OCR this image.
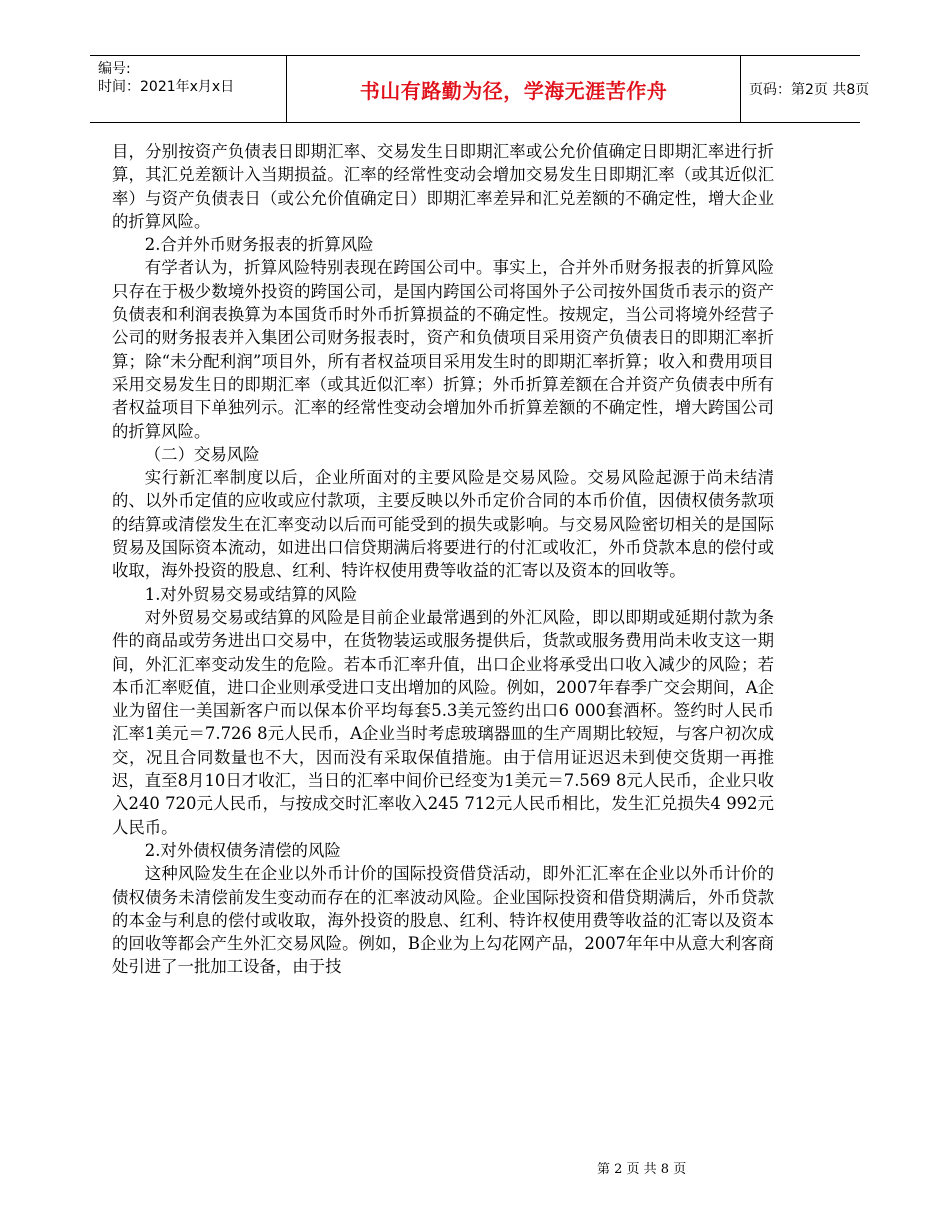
编号:
时间：2021年x月x日	书山有路勤为径，学海无涯苦作舟	页码：第2页 共8页

目，分别按资产负债表日即期汇率、交易发生日即期汇率或公允价值确定日即期汇率进行折算，其汇兑差额计入当期损益。汇率的经常性变动会增加交易发生日即期汇率（或其近似汇率）与资产负债表日（或公允价值确定日）即期汇率差异和汇兑差额的不确定性，增大企业的折算风险。

2.合并外币财务报表的折算风险

有学者认为，折算风险特别表现在跨国公司中。事实上，合并外币财务报表的折算风险只存在于极少数境外投资的跨国公司，是国内跨国公司将国外子公司按外国货币表示的资产负债表和利润表换算为本国货币时外币折算损益的不确定性。按规定，当公司将境外经营子公司的财务报表并入集团公司财务报表时，资产和负债项目采用资产负债表日的即期汇率折算；除“未分配利润”项目外，所有者权益项目采用发生时的即期汇率折算；收入和费用项目采用交易发生日的即期汇率（或其近似汇率）折算；外币折算差额在合并资产负债表中所有者权益项目下单独列示。汇率的经常性变动会增加外币折算差额的不确定性，增大跨国公司的折算风险。

（二）交易风险

实行新汇率制度以后，企业所面对的主要风险是交易风险。交易风险起源于尚未结清的、以外币定值的应收或应付款项，主要反映以外币定价合同的本币价值，因债权债务款项的结算或清偿发生在汇率变动以后而可能受到的损失或影响。与交易风险密切相关的是国际贸易及国际资本流动，如进出口信贷期满后将要进行的付汇或收汇，外币贷款本息的偿付或收取，海外投资的股息、红利、特许权使用费等收益的汇寄以及资本的回收等。

1.对外贸易交易或结算的风险

对外贸易交易或结算的风险是目前企业最常遇到的外汇风险，即以即期或延期付款为条件的商品或劳务进出口交易中，在货物装运或服务提供后，货款或服务费用尚未收支这一期间，外汇汇率变动发生的危险。若本币汇率升值，出口企业将承受出口收入减少的风险；若本币汇率贬值，进口企业则承受进口支出增加的风险。例如，2007年春季广交会期间，A企业为留住一美国新客户而以保本价平均每套5.3美元签约出口6 000套酒杯。签约时人民币汇率1美元＝7.726 8元人民币，A企业当时考虑玻璃器皿的生产周期比较短，与客户初次成交，况且合同数量也不大，因而没有采取保值措施。由于信用证迟迟未到使交货期一再推迟，直至8月10日才收汇，当日的汇率中间价已经变为1美元＝7.569 8元人民币，企业只收入240 720元人民币，与按成交时汇率收入245 712元人民币相比，发生汇兑损失4 992元人民币。

2.对外债权债务清偿的风险

这种风险发生在企业以外币计价的国际投资借贷活动，即外汇汇率在企业以外币计价的债权债务未清偿前发生变动而存在的汇率波动风险。企业国际投资和借贷期满后，外币贷款的本金与利息的偿付或收取，海外投资的股息、红利、特许权使用费等收益的汇寄以及资本的回收等都会产生外汇交易风险。例如，B企业为上勾花网产品，2007年年中从意大利客商处引进了一批加工设备，由于技

第 2 页 共 8 页
